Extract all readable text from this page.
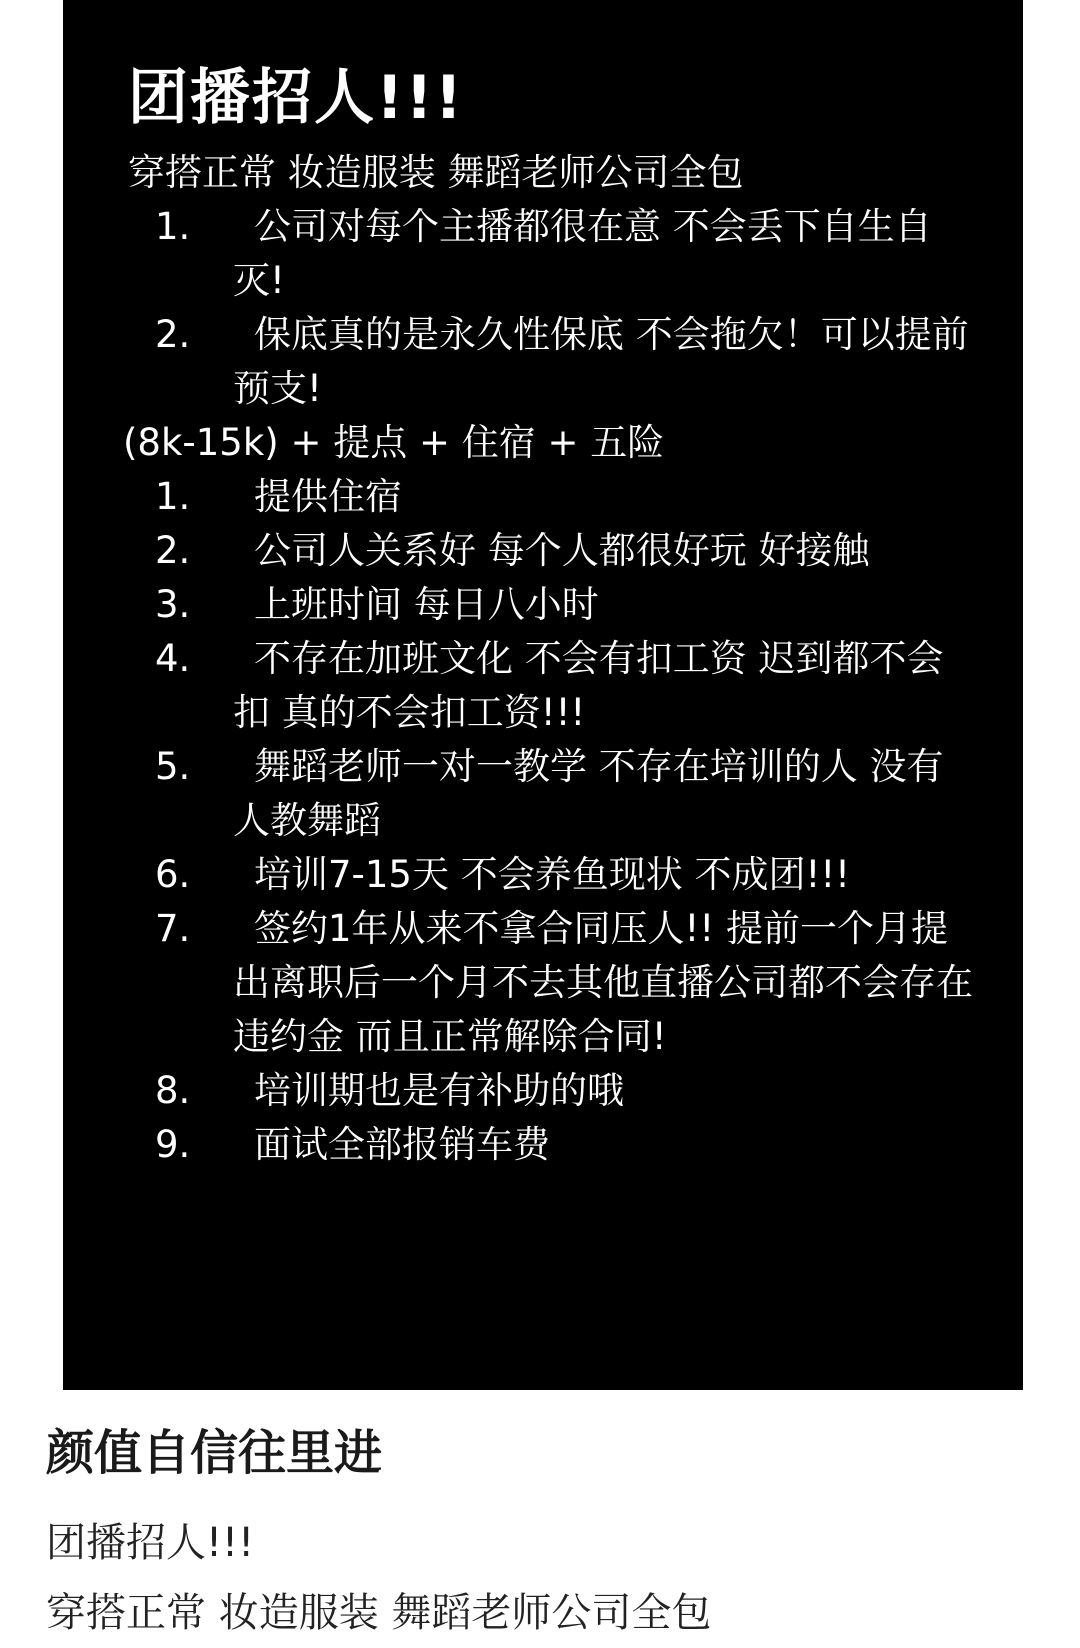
团播招人!!!
穿搭正常 妆造服装 舞蹈老师公司全包
1.	公司对每个主播都很在意 不会丢下自生自灭!
2.	保底真的是永久性保底 不会拖欠！可以提前预支!
(8k-15k) + 提点 + 住宿 + 五险
1.	提供住宿
2.	公司人关系好 每个人都很好玩 好接触
3.	上班时间 每日八小时
4.	不存在加班文化 不会有扣工资 迟到都不会扣 真的不会扣工资!!!
5.	舞蹈老师一对一教学 不存在培训的人 没有人教舞蹈
6.	培训7-15天 不会养鱼现状 不成团!!!
7.	签约1年从来不拿合同压人!! 提前一个月提出离职后一个月不去其他直播公司都不会存在违约金 而且正常解除合同!
8.	培训期也是有补助的哦
9.	面试全部报销车费
颜值自信往里进
团播招人!!!
穿搭正常 妆造服装 舞蹈老师公司全包
